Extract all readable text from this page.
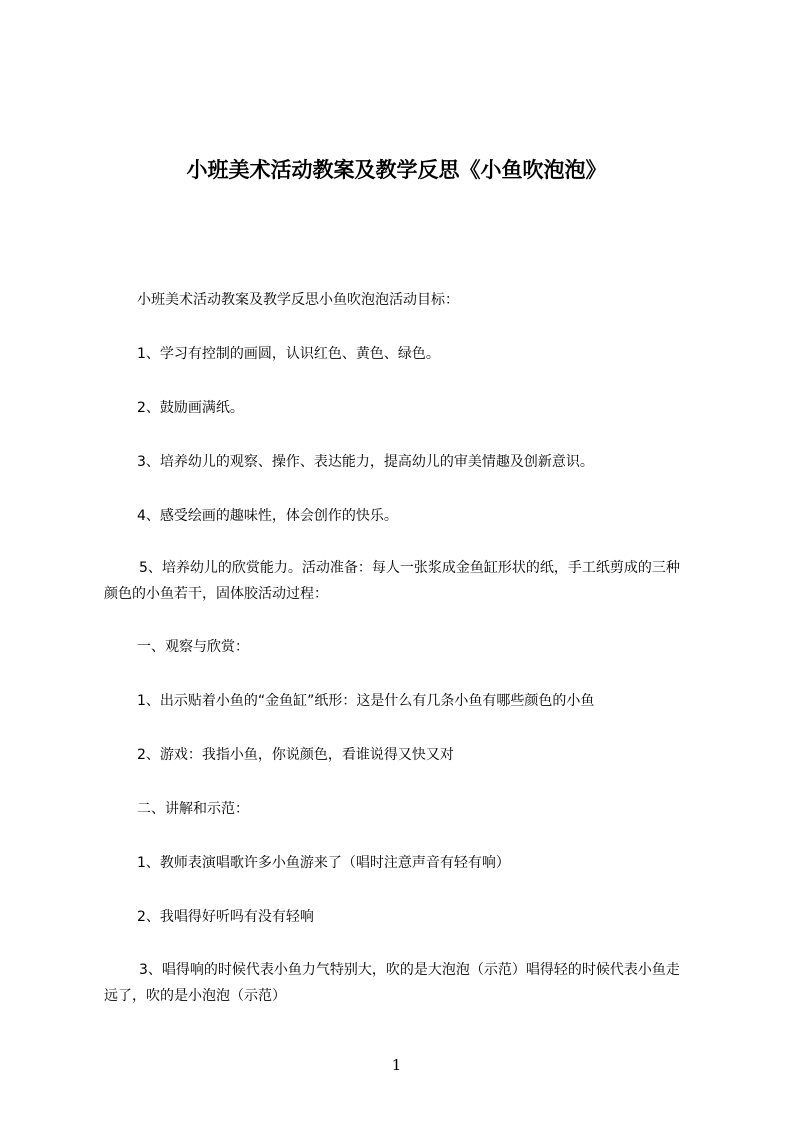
小班美术活动教案及教学反思《小鱼吹泡泡》

小班美术活动教案及教学反思小鱼吹泡泡活动目标：

1、学习有控制的画圆，认识红色、黄色、绿色。

2、鼓励画满纸。

3、培养幼儿的观察、操作、表达能力，提高幼儿的审美情趣及创新意识。

4、感受绘画的趣味性，体会创作的快乐。

5、培养幼儿的欣赏能力。活动准备：每人一张浆成金鱼缸形状的纸，手工纸剪成的三种颜色的小鱼若干，固体胶活动过程：

一、观察与欣赏：

1、出示贴着小鱼的“金鱼缸”纸形：这是什么有几条小鱼有哪些颜色的小鱼

2、游戏：我指小鱼，你说颜色，看谁说得又快又对

二、讲解和示范：

1、教师表演唱歌许多小鱼游来了（唱时注意声音有轻有响）

2、我唱得好听吗有没有轻响

3、唱得响的时候代表小鱼力气特别大，吹的是大泡泡（示范）唱得轻的时候代表小鱼走远了，吹的是小泡泡（示范）

1
